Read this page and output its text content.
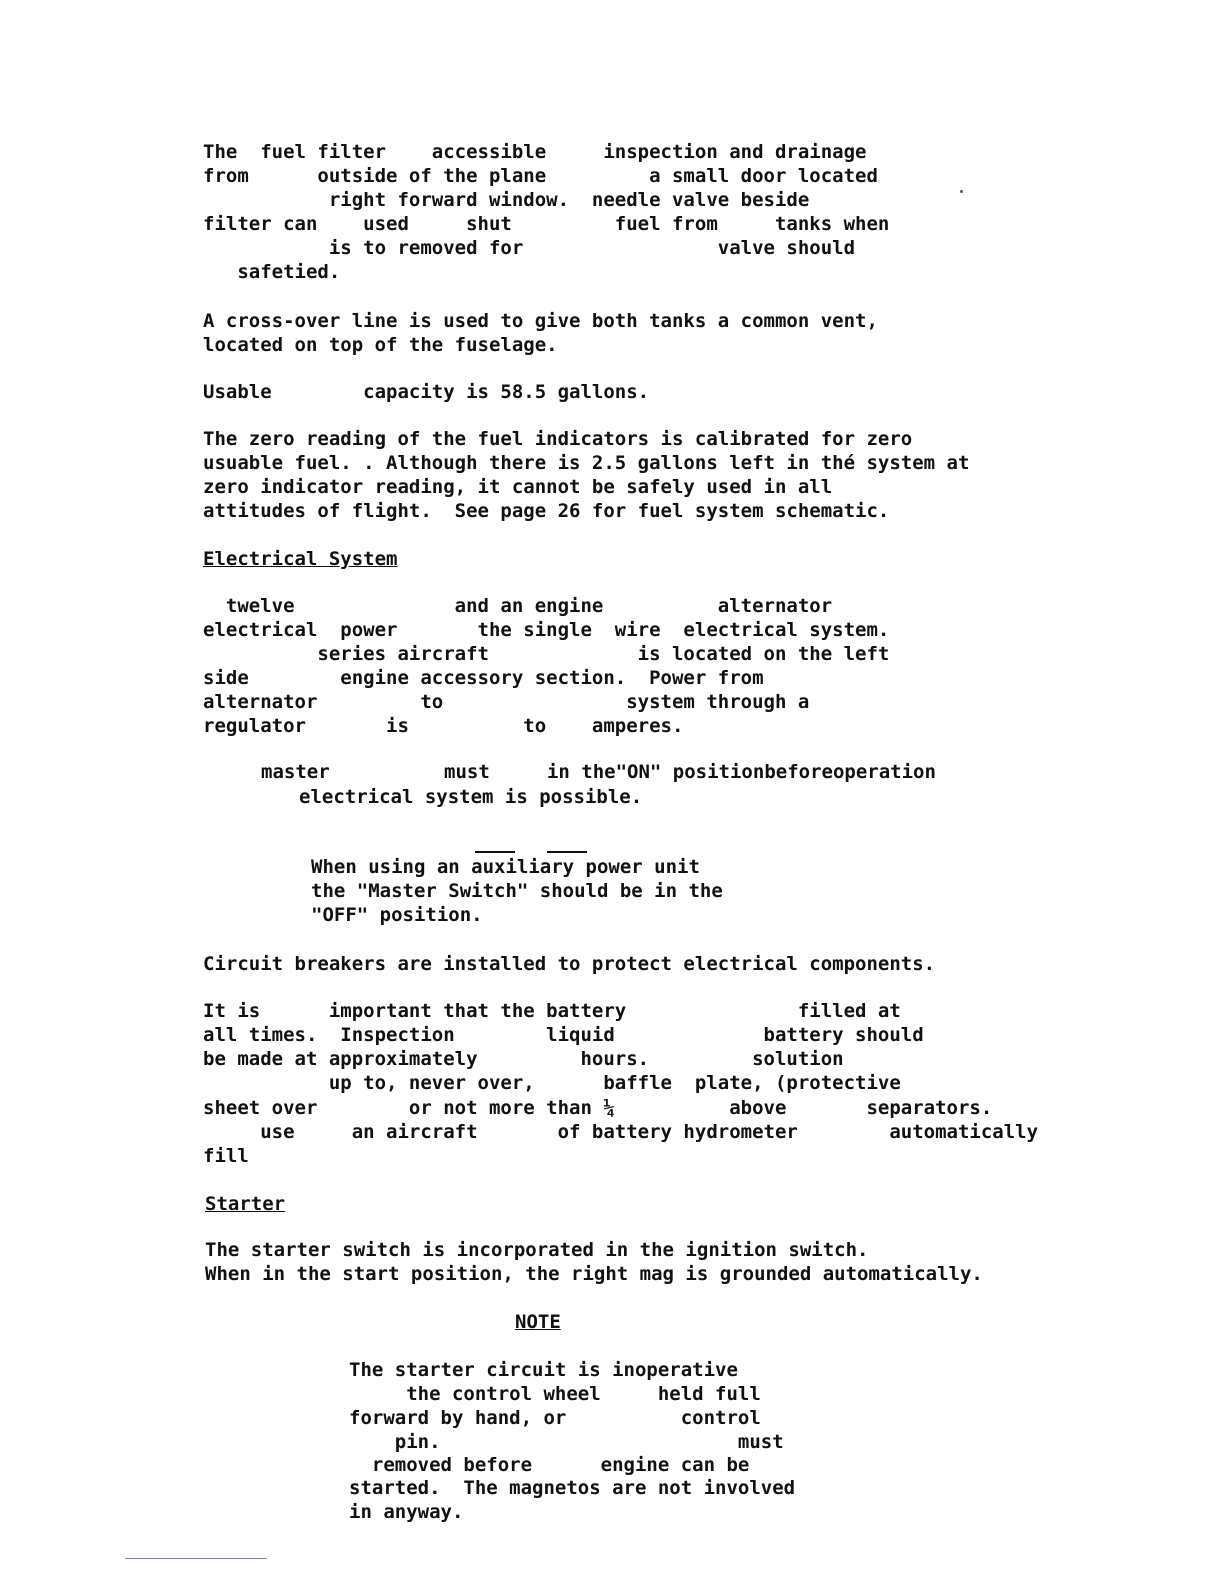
The  fuel filter    accessible     inspection and drainage
from      outside of the plane         a small door located
right forward window.  needle valve beside
filter can    used     shut         fuel from     tanks when
is to removed for                 valve should
safetied.
A cross-over line is used to give both tanks a common vent,
located on top of the fuselage.
Usable        capacity is 58.5 gallons.
The zero reading of the fuel indicators is calibrated for zero
usuable fuel. . Although there is 2.5 gallons left in thé system at
zero indicator reading, it cannot be safely used in all
attitudes of flight.  See page 26 for fuel system schematic.
Electrical System
twelve              and an engine          alternator
electrical  power       the single  wire  electrical system.
series aircraft             is located on the left
side        engine accessory section.  Power from
alternator         to                system through a
regulator       is          to    amperes.
master          must     in the"ON" positionbeforeoperation
electrical system is possible.
When using an auxiliary power unit
the "Master Switch" should be in the
"OFF" position.
Circuit breakers are installed to protect electrical components.
It is      important that the battery               filled at
all times.  Inspection        liquid             battery should
be made at approximately         hours.         solution
up to, never over,      baffle  plate, (protective
sheet over        or not more than ¼          above       separators.
use     an aircraft       of battery hydrometer        automatically
fill
Starter
The starter switch is incorporated in the ignition switch.
When in the start position, the right mag is grounded automatically.
NOTE
The starter circuit is inoperative
the control wheel     held full
forward by hand, or          control
pin.                          must
removed before      engine can be
started.  The magnetos are not involved
in anyway.
